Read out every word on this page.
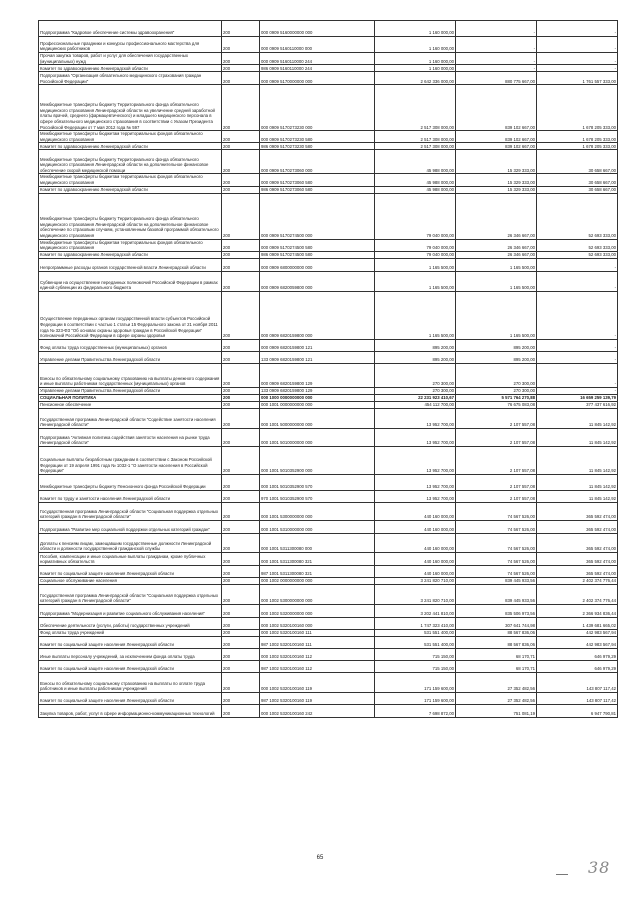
Подпрограмма "Кадровое обеспечение системы здравоохранения"	200	000 0909 5160000000 000	1 160 000,00	-	-
Профессиональные праздники и конкурсы профессионального мастерства для медицинских работников	200	000 0909 5160110000 000	1 160 000,00	-	-
Прочая закупка товаров, работ и услуг для обеспечения государственных (муниципальных) нужд	200	000 0909 5160110000 244	1 160 000,00	-	-
Комитет по здравоохранению Ленинградской области	200	986 0909 5160110000 244	1 160 000,00	-	-
Подпрограмма "Организация обязательного медицинского страхования граждан Российской Федерации"	200	000 0909 5170000000 000	2 642 336 000,00	880 775 667,00	1 761 557 333,00
Межбюджетные трансферты бюджету Территориального фонда обязательного медицинского страхования Ленинградской области на увеличение средней заработной платы врачей, среднего (фармацевтического) и младшего медицинского персонала в сфере обязательного медицинского страхования в соответствии с Указом Президента Российской Федерации от 7 мая 2012 года № 597	200	000 0909 5170273230 000	2 517 308 000,00	839 102 667,00	1 678 205 333,00
Межбюджетные трансферты бюджетам территориальных фондов обязательного медицинского страхования	200	000 0909 5170273230 580	2 517 308 000,00	839 102 667,00	1 678 205 333,00
Комитет по здравоохранению Ленинградской области	200	986 0909 5170273230 580	2 517 308 000,00	839 102 667,00	1 678 205 333,00
Межбюджетные трансферты бюджету Территориального фонда обязательного медицинского страхования Ленинградской области на дополнительное финансовое обеспечение скорой медицинской помощи	200	000 0909 5170273060 000	45 988 000,00	15 329 333,00	30 658 667,00
Межбюджетные трансферты бюджетам территориальных фондов обязательного медицинского страхования	200	000 0909 5170273060 580	45 988 000,00	15 329 333,00	30 658 667,00
Комитет по здравоохранению Ленинградской области	200	986 0909 5170273060 580	45 988 000,00	15 329 333,00	30 658 667,00
Межбюджетные трансферты бюджету Территориального фонда обязательного медицинского страхования Ленинградской области на дополнительное финансовое обеспечение по страховым случаям, установленным базовой программой обязательного медицинского страхования	200	000 0909 5170274500 000	79 040 000,00	26 346 667,00	52 693 333,00
Межбюджетные трансферты бюджетам территориальных фондов обязательного медицинского страхования	200	000 0909 5170274500 580	79 040 000,00	26 346 667,00	52 693 333,00
Комитет по здравоохранению Ленинградской области	200	986 0909 5170274500 580	79 040 000,00	26 346 667,00	52 693 333,00
Непрограммные расходы органов государственной власти Ленинградской области	200	000 0909 6800000000 000	1 165 500,00	1 165 500,00	-
Субвенции на осуществление переданных полномочий Российской Федерации в рамках единой субвенции из федерального бюджета	200	000 0909 6820059800 000	1 165 500,00	1 165 500,00	-
Осуществление переданных органам государственной власти субъектов Российской Федерации в соответствии с частью 1 статьи 15 Федерального закона от 21 ноября 2011 года № 323-ФЗ "Об основах охраны здоровья граждан в Российской Федерации" полномочий Российской Федерации в сфере охраны здоровья	200	000 0909 6820159800 000	1 165 500,00	1 165 500,00	-
Фонд оплаты труда государственных (муниципальных) органов	200	000 0909 6820159800 121	895 200,00	895 200,00	-
Управление делами Правительства Ленинградской области	200	133 0909 6820159800 121	895 200,00	895 200,00	-
Взносы по обязательному социальному страхованию на выплаты денежного содержания и иные выплаты работникам государственных (муниципальных) органов	200	000 0909 6820159800 129	270 300,00	270 300,00	-
Управление делами Правительства Ленинградской области	200	133 0909 6820159800 129	270 300,00	270 300,00	-
СОЦИАЛЬНАЯ ПОЛИТИКА	200	000 1000 0000000000 000	22 231 923 410,67	5 571 764 270,88	16 659 259 139,79
Пенсионное обеспечение	200	000 1001 0000000000 000	454 112 700,00	76 675 083,08	377 437 616,92
Государственная программа Ленинградской области "Содействие занятости населения Ленинградской области"	200	000 1001 5000000000 000	13 952 700,00	2 107 557,08	11 845 142,92
Подпрограмма "Активная политика содействия занятости населения на рынке труда Ленинградской области"	200	000 1001 5010000000 000	13 952 700,00	2 107 557,08	11 845 142,92
Социальные выплаты безработным гражданам в соответствии с Законом Российской Федерации от 19 апреля 1991 года № 1032-1 "О занятости населения в Российской Федерации"	200	000 1001 5010352900 000	13 952 700,00	2 107 557,08	11 845 142,92
Межбюджетные трансферты бюджету Пенсионного фонда Российской Федерации	200	000 1001 5010352900 570	13 952 700,00	2 107 557,08	11 845 142,92
Комитет по труду и занятости населения Ленинградской области	200	970 1001 5010352900 570	13 952 700,00	2 107 557,08	11 845 142,92
Государственная программа Ленинградской области "Социальная поддержка отдельных категорий граждан в Ленинградской области"	200	000 1001 5300000000 000	440 160 000,00	74 567 526,00	365 592 474,00
Подпрограмма "Развитие мер социальной поддержки отдельных категорий граждан"	200	000 1001 5310000000 000	440 160 000,00	74 567 526,00	365 592 474,00
Доплаты к пенсиям лицам, замещавшим государственные должности Ленинградской области и должности государственной гражданской службы	200	000 1001 5311300080 000	440 160 000,00	74 567 526,00	365 592 474,00
Пособия, компенсации и иные социальные выплаты гражданам, кроме публичных нормативных обязательств	200	000 1001 5311300080 321	440 160 000,00	74 567 526,00	365 592 474,00
Комитет по социальной защите населения Ленинградской области	200	987 1001 5311300080 321	440 160 000,00	74 567 526,00	365 592 474,00
Социальное обслуживание населения	200	000 1002 0000000000 000	3 241 820 710,00	839 445 933,56	2 402 374 776,44
Государственная программа Ленинградской области "Социальная поддержка отдельных категорий граждан в Ленинградской области"	200	000 1002 5300000000 000	3 241 820 710,00	839 445 933,56	2 402 374 776,44
Подпрограмма "Модернизация и развитие социального обслуживания населения"	200	000 1002 5320000000 000	3 202 441 810,00	835 506 973,56	2 366 934 836,44
Обеспечение деятельности (услуги, работы) государственных учреждений	200	000 1002 5320100160 000	1 747 323 410,00	307 641 744,98	1 439 681 665,02
Фонд оплаты труда учреждений	200	000 1002 5320100160 111	531 551 400,00	88 567 836,06	442 983 567,94
Комитет по социальной защите населения Ленинградской области	200	987 1002 5320100160 111	531 551 400,00	88 567 836,06	442 983 567,94
Иные выплаты персоналу учреждений, за исключением фонда оплаты труда	200	000 1002 5320100160 112	715 150,00	68 170,71	646 979,29
Комитет по социальной защите населения Ленинградской области	200	987 1002 5320100160 112	715 150,00	68 170,71	646 979,29
Взносы по обязательному социальному страхованию на выплаты по оплате труда работников и иные выплаты работникам учреждений	200	000 1002 5320100160 119	171 159 600,00	27 352 482,56	143 807 117,42
Комитет по социальной защите населения Ленинградской области	200	987 1002 5320100160 119	171 159 600,00	27 352 482,56	143 807 117,42
Закупка товаров, работ, услуг в сфере информационно-коммуникационных технологий	200	000 1002 5320100160 242	7 698 872,00	751 081,19	6 947 790,81
65	38
